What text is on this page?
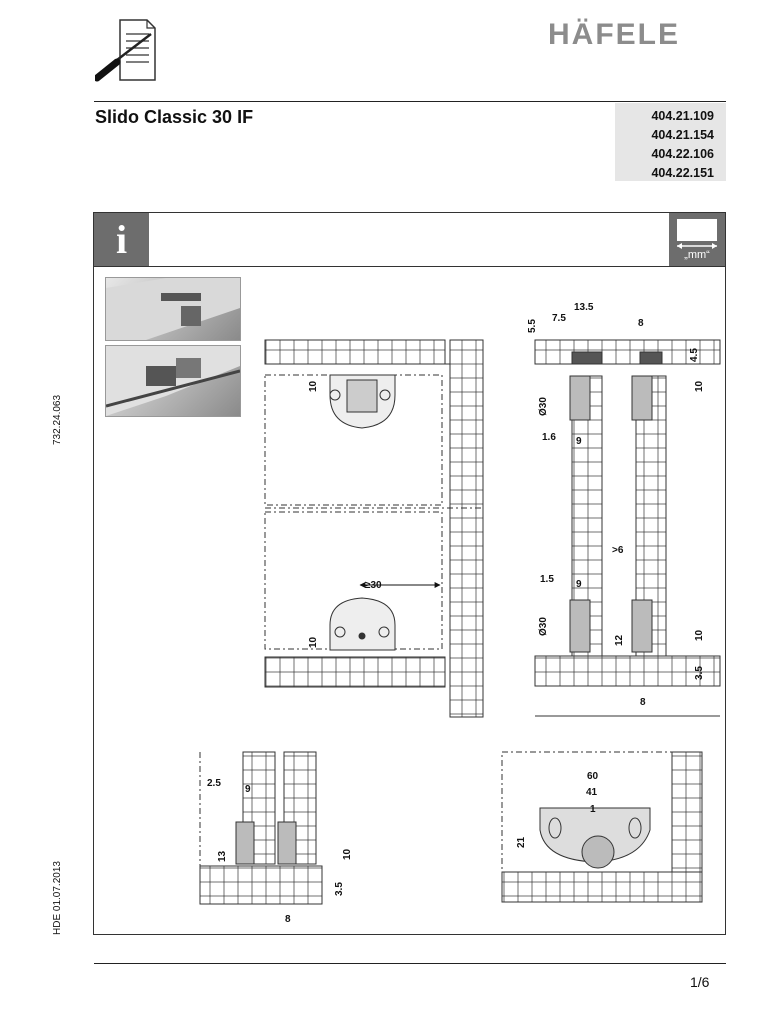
HÄFELE
Slido Classic 30 IF	404.21.109
404.21.154
404.22.106
404.22.151
732.24.063
HDE 01.07.2013
i	„mm“
10
≥30
10
13.5
7.5
5.5	8
4.5
10
Ø30
1.6 9
>6
1.5 9
Ø30
12	10
3.5
8
2.5
9
13	10
3.5
8
60
41
1
21
1/6
